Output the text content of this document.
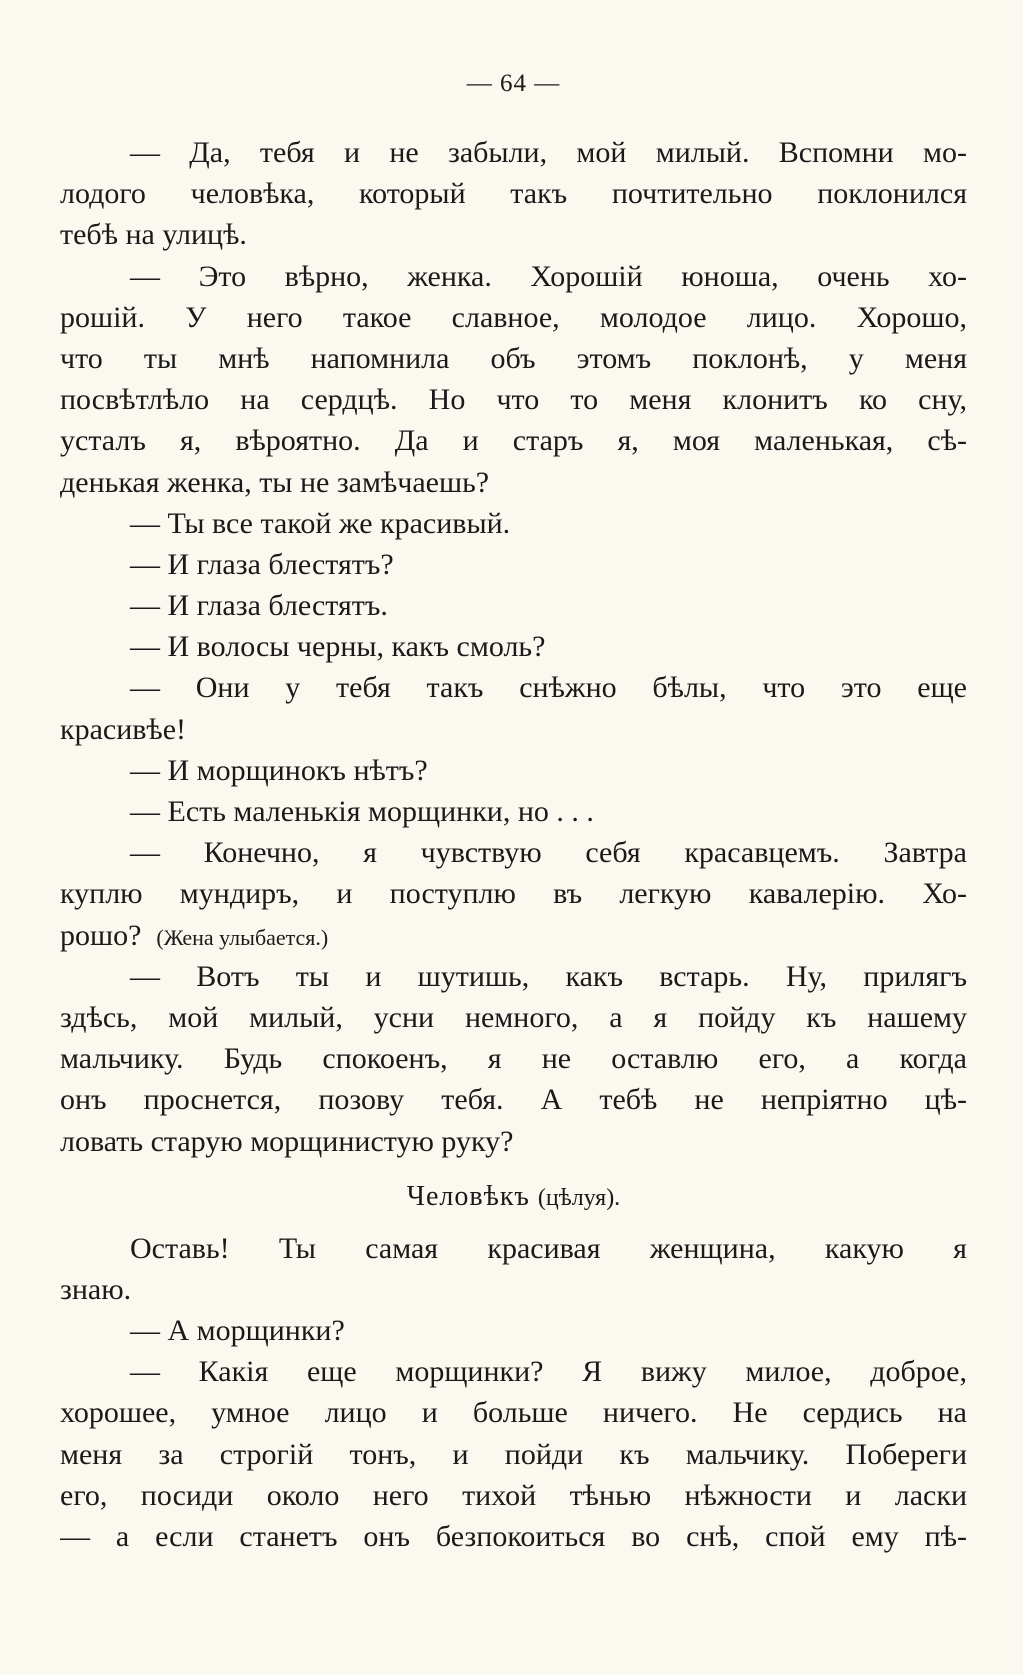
— 64 —
— Да, тебя и не забыли, мой милый. Вспомни мо-
лодого человѣка, который такъ почтительно поклонился
тебѣ на улицѣ.
— Это вѣрно, женка. Хорошій юноша, очень хо-
рошій. У него такое славное, молодое лицо. Хорошо,
что ты мнѣ напомнила объ этомъ поклонѣ, у меня
посвѣтлѣло на сердцѣ. Но что то меня клонитъ ко сну,
усталъ я, вѣроятно. Да и старъ я, моя маленькая, сѣ-
денькая женка, ты не замѣчаешь?
— Ты все такой же красивый.
— И глаза блестятъ?
— И глаза блестятъ.
— И волосы черны, какъ смоль?
— Они у тебя такъ снѣжно бѣлы, что это еще
красивѣе!
— И морщинокъ нѣтъ?
— Есть маленькія морщинки, но . . .
— Конечно, я чувствую себя красавцемъ. Завтра
куплю мундиръ, и поступлю въ легкую кавалерію. Хо-
рошо? (Жена улыбается.)
— Вотъ ты и шутишь, какъ встарь. Ну, прилягъ
здѣсь, мой милый, усни немного, а я пойду къ нашему
мальчику. Будь спокоенъ, я не оставлю его, а когда
онъ проснется, позову тебя. А тебѣ не непріятно цѣ-
ловать старую морщинистую руку?
Человѣкъ (цѣлуя).
Оставь! Ты самая красивая женщина, какую я
знаю.
— А морщинки?
— Какія еще морщинки? Я вижу милое, доброе,
хорошее, умное лицо и больше ничего. Не сердись на
меня за строгій тонъ, и пойди къ мальчику. Побереги
его, посиди около него тихой тѣнью нѣжности и ласки
— а если станетъ онъ безпокоиться во снѣ, спой ему пѣ-
